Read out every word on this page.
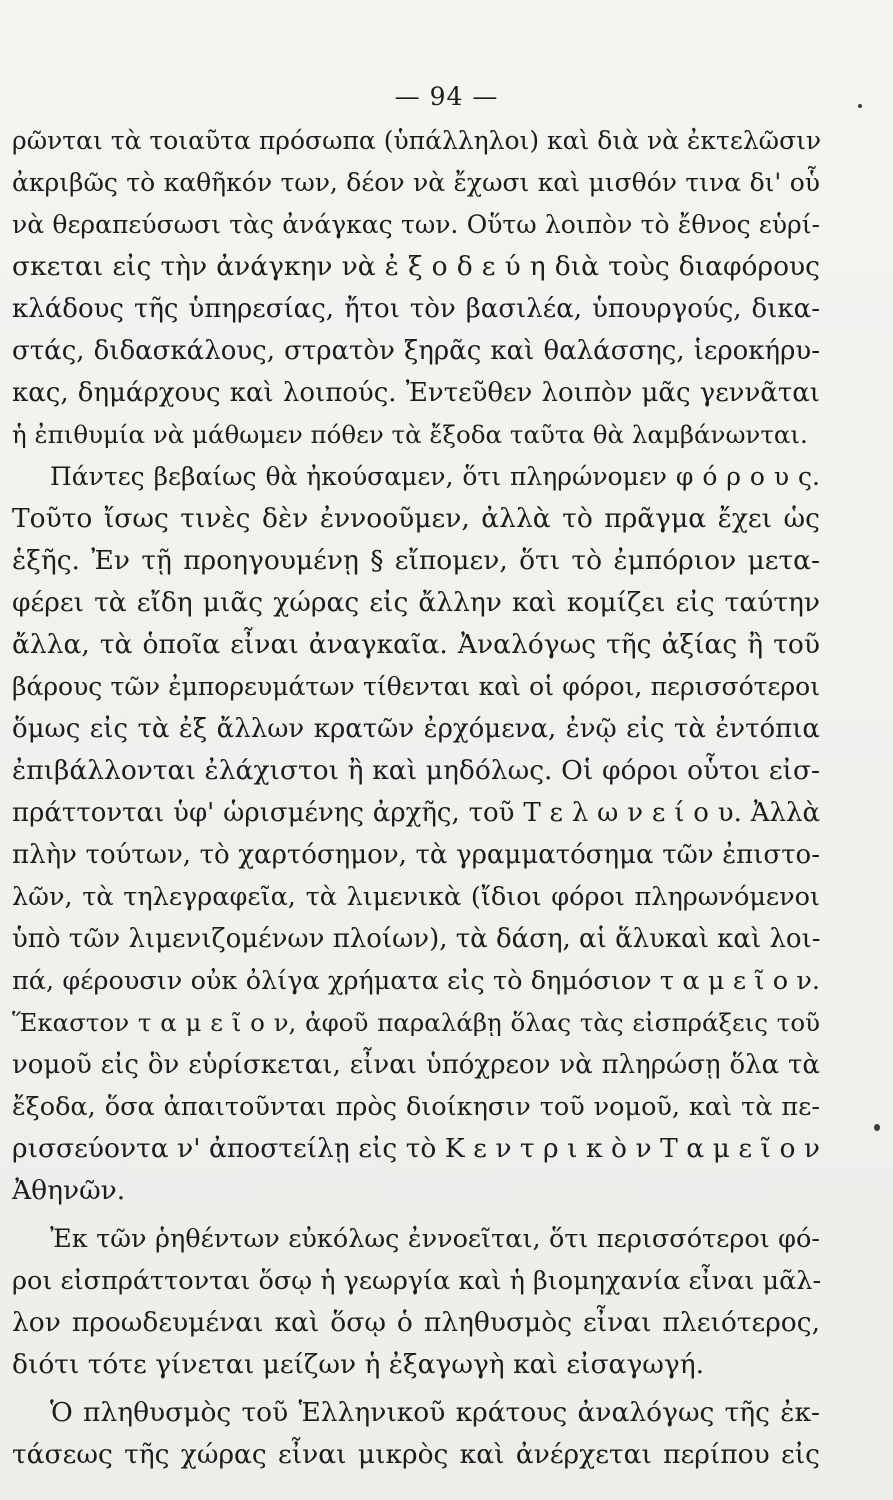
— 94 —
ρῶνται τὰ τοιαῦτα πρόσωπα (ὑπάλληλοι) καὶ διὰ νὰ ἐκτελῶσιν
ἀκριβῶς τὸ καθῆκόν των, δέον νὰ ἔχωσι καὶ μισθόν τινα δι' οὗ
νὰ θεραπεύσωσι τὰς ἀνάγκας των. Οὕτω λοιπὸν τὸ ἔθνος εὑρί-
σκεται εἰς τὴν ἀνάγκην νὰ ἐ ξ ο δ ε ύ η διὰ τοὺς διαφόρους
κλάδους τῆς ὑπηρεσίας, ἤτοι τὸν βασιλέα, ὑπουργούς, δικα-
στάς, διδασκάλους, στρατὸν ξηρᾶς καὶ θαλάσσης, ἱεροκήρυ-
κας, δημάρχους καὶ λοιπούς. Ἐντεῦθεν λοιπὸν μᾶς γεννᾶται
ἡ ἐπιθυμία νὰ μάθωμεν πόθεν τὰ ἔξοδα ταῦτα θὰ λαμβάνωνται.
Πάντες βεβαίως θὰ ἠκούσαμεν, ὅτι πληρώνομεν φ ό ρ ο υ ς.
Τοῦτο ἴσως τινὲς δὲν ἐννοοῦμεν, ἀλλὰ τὸ πρᾶγμα ἔχει ὡς
ἑξῆς. Ἐν τῇ προηγουμένῃ § εἴπομεν, ὅτι τὸ ἐμπόριον μετα-
φέρει τὰ εἴδη μιᾶς χώρας εἰς ἄλλην καὶ κομίζει εἰς ταύτην
ἄλλα, τὰ ὁποῖα εἶναι ἀναγκαῖα. Ἀναλόγως τῆς ἀξίας ἢ τοῦ
βάρους τῶν ἐμπορευμάτων τίθενται καὶ οἱ φόροι, περισσότεροι
ὅμως εἰς τὰ ἐξ ἄλλων κρατῶν ἐρχόμενα, ἐνῷ εἰς τὰ ἐντόπια
ἐπιβάλλονται ἐλάχιστοι ἢ καὶ μηδόλως. Οἱ φόροι οὗτοι εἰσ-
πράττονται ὑφ' ὡρισμένης ἀρχῆς, τοῦ Τ ε λ ω ν ε ί ο υ. Ἀλλὰ
πλὴν τούτων, τὸ χαρτόσημον, τὰ γραμματόσημα τῶν ἐπιστο-
λῶν, τὰ τηλεγραφεῖα, τὰ λιμενικὰ (ἴδιοι φόροι πληρωνόμενοι
ὑπὸ τῶν λιμενιζομένων πλοίων), τὰ δάση, αἱ ἅλυκαὶ καὶ λοι-
πά, φέρουσιν οὐκ ὀλίγα χρήματα εἰς τὸ δημόσιον τ α μ ε ῖ ο ν.
Ἕκαστον τ α μ ε ῖ ο ν, ἀφοῦ παραλάβῃ ὅλας τὰς εἰσπράξεις τοῦ
νομοῦ εἰς ὃν εὑρίσκεται, εἶναι ὑπόχρεον νὰ πληρώσῃ ὅλα τὰ
ἔξοδα, ὅσα ἀπαιτοῦνται πρὸς διοίκησιν τοῦ νομοῦ, καὶ τὰ πε-
ρισσεύοντα ν' ἀποστείλῃ εἰς τὸ Κ ε ν τ ρ ι κ ὸ ν Τ α μ ε ῖ ο ν
Ἀθηνῶν.
Ἐκ τῶν ῥηθέντων εὐκόλως ἐννοεῖται, ὅτι περισσότεροι φό-
ροι εἰσπράττονται ὅσῳ ἡ γεωργία καὶ ἡ βιομηχανία εἶναι μᾶλ-
λον προωδευμέναι καὶ ὅσῳ ὁ πληθυσμὸς εἶναι πλειότερος,
διότι τότε γίνεται μείζων ἡ ἐξαγωγὴ καὶ εἰσαγωγή.
Ὁ πληθυσμὸς τοῦ Ἑλληνικοῦ κράτους ἀναλόγως τῆς ἐκ-
τάσεως τῆς χώρας εἶναι μικρὸς καὶ ἀνέρχεται περίπου εἰς
